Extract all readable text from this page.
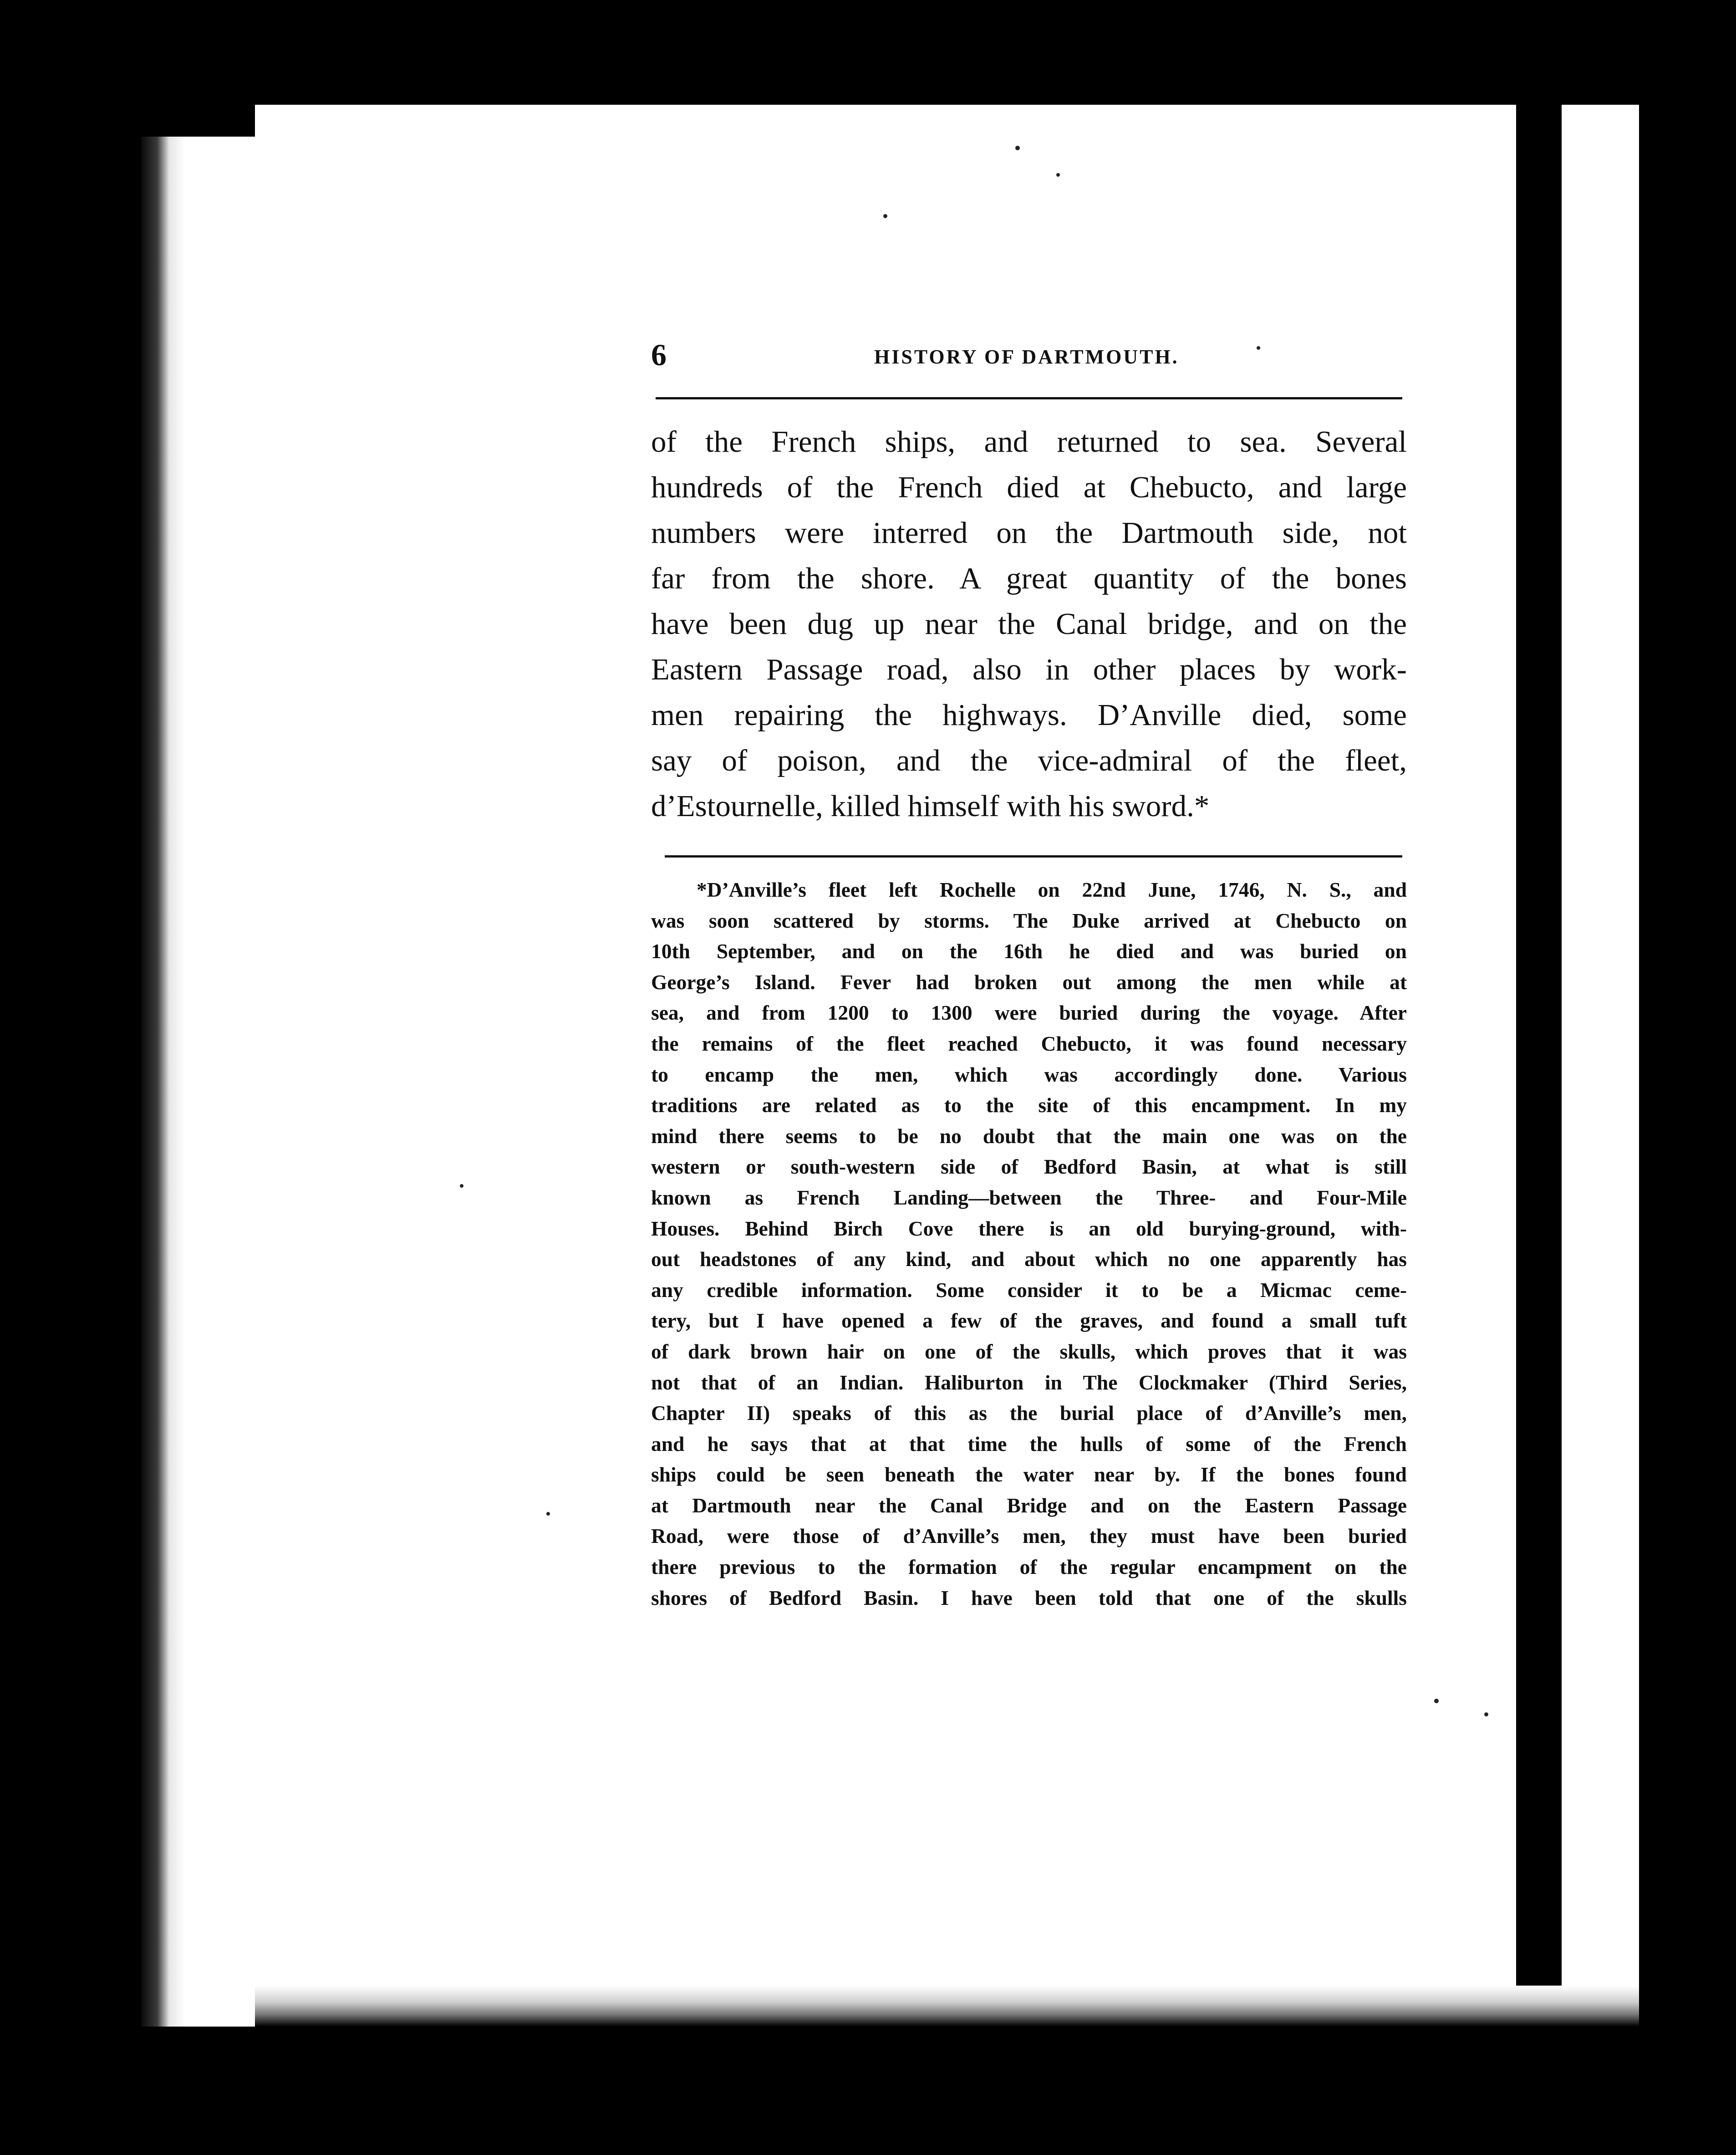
6	HISTORY OF DARTMOUTH.
of the French ships, and returned to sea. Several
hundreds of the French died at Chebucto, and large
numbers were interred on the Dartmouth side, not
far from the shore. A great quantity of the bones
have been dug up near the Canal bridge, and on the
Eastern Passage road, also in other places by work-
men repairing the highways. D’Anville died, some
say of poison, and the vice-admiral of the fleet,
d’Estournelle, killed himself with his sword.*
*D’Anville’s fleet left Rochelle on 22nd June, 1746, N. S., and
was soon scattered by storms. The Duke arrived at Chebucto on
10th September, and on the 16th he died and was buried on
George’s Island. Fever had broken out among the men while at
sea, and from 1200 to 1300 were buried during the voyage. After
the remains of the fleet reached Chebucto, it was found necessary
to encamp the men, which was accordingly done. Various
traditions are related as to the site of this encampment. In my
mind there seems to be no doubt that the main one was on the
western or south-western side of Bedford Basin, at what is still
known as French Landing—between the Three- and Four-Mile
Houses. Behind Birch Cove there is an old burying-ground, with-
out headstones of any kind, and about which no one apparently has
any credible information. Some consider it to be a Micmac ceme-
tery, but I have opened a few of the graves, and found a small tuft
of dark brown hair on one of the skulls, which proves that it was
not that of an Indian. Haliburton in The Clockmaker (Third Series,
Chapter II) speaks of this as the burial place of d’Anville’s men,
and he says that at that time the hulls of some of the French
ships could be seen beneath the water near by. If the bones found
at Dartmouth near the Canal Bridge and on the Eastern Passage
Road, were those of d’Anville’s men, they must have been buried
there previous to the formation of the regular encampment on the
shores of Bedford Basin. I have been told that one of the skulls
